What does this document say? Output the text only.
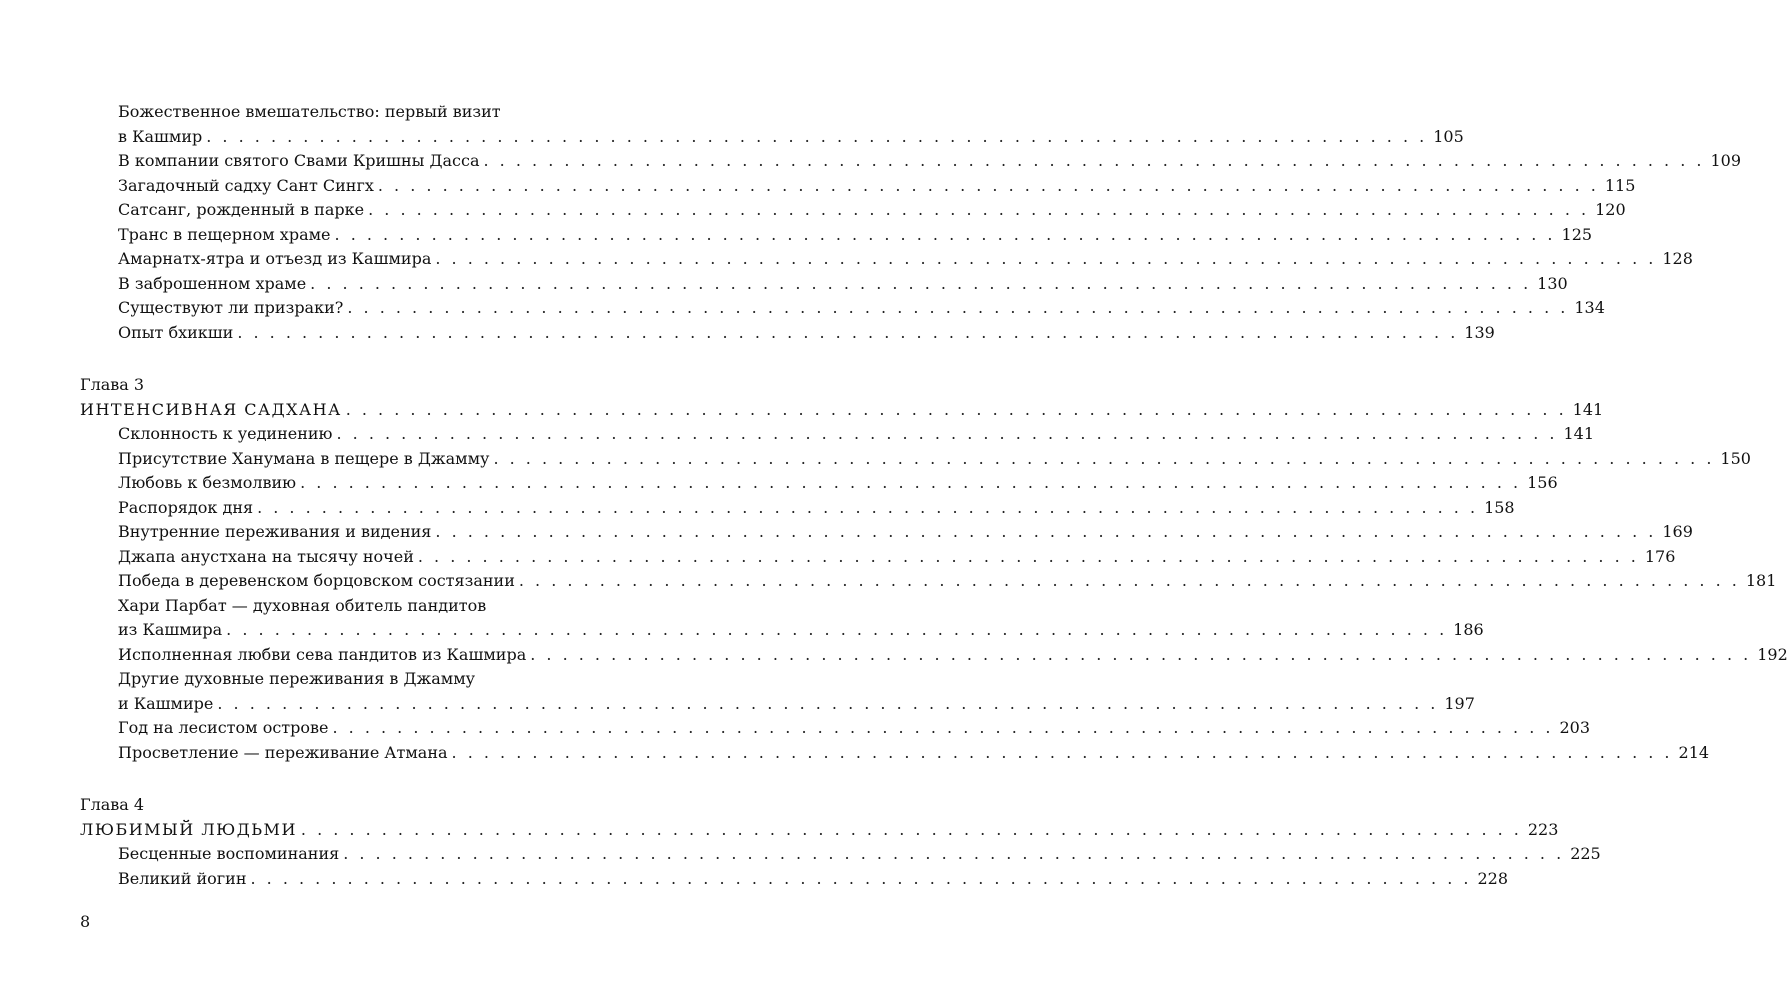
Божественное вмешательство: первый визит
в Кашмир . . .	105
В компании святого Свами Кришны Дасса . . .	109
Загадочный садху Сант Сингх . . .	115
Сатсанг, рожденный в парке . . .	120
Транс в пещерном храме . . .	125
Амарнатх-ятра и отъезд из Кашмира . . .	128
В заброшенном храме . . .	130
Существуют ли призраки? . . .	134
Опыт бхикши . . .	139
Глава 3
ИНТЕНСИВНАЯ САДХАНА . . .	141
Склонность к уединению . . .	141
Присутствие Ханумана в пещере в Джамму . . .	150
Любовь к безмолвию . . .	156
Распорядок дня . . .	158
Внутренние переживания и видения . . .	169
Джапа анустхана на тысячу ночей . . .	176
Победа в деревенском борцовском состязании . . .	181
Хари Парбат — духовная обитель пандитов
из Кашмира . . .	186
Исполненная любви сева пандитов из Кашмира . . .	192
Другие духовные переживания в Джамму
и Кашмире . . .	197
Год на лесистом острове . . .	203
Просветление — переживание Атмана . . .	214
Глава 4
ЛЮБИМЫЙ ЛЮДЬМИ . . .	223
Бесценные воспоминания . . .	225
Великий йогин . . .	228
8
